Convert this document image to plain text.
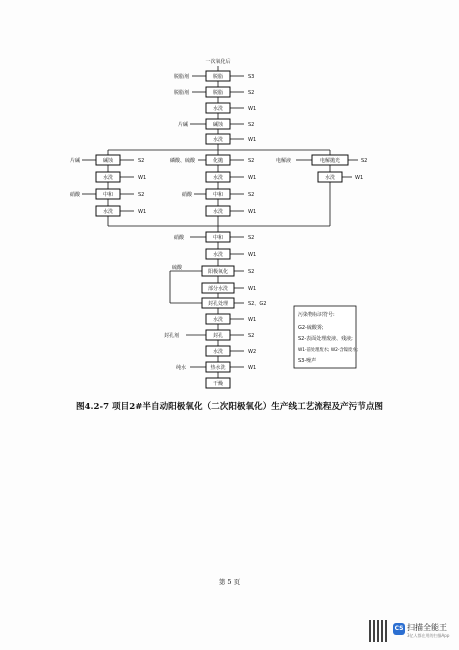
一次氧化后
脱脂
脱脂
水洗
碱蚀
水洗
碱蚀
水洗
中和
水洗
化抛
水洗
中和
水洗
电解抛光
水洗
中和
水洗
阳极氧化
部分水洗
封孔处理
水洗
封孔
水洗
热水洗
干燥
脱脂剂
脱脂剂
片碱
片碱
硝酸
磷酸、硫酸
硝酸
电解液
硝酸
硫酸
封孔剂
纯水
S3
S2
W1
S2
W1
S2
W1
S2
W1
S2
W1
S2
W1
S2
W1
S2
W1
S2
W1
S2、G2
W1
S2
W2
W1
污染物标识符号:
G2-硫酸雾;
S2-表面处理废液、残液;
W1-前处理废水; W2-含镍废水;
S3-噪声
图4.2-7 项目2#半自动阳极氧化（二次阳极氧化）生产线工艺流程及产污节点图
第 5 页
CS 扫描全能王
3亿人都在用的扫描App
